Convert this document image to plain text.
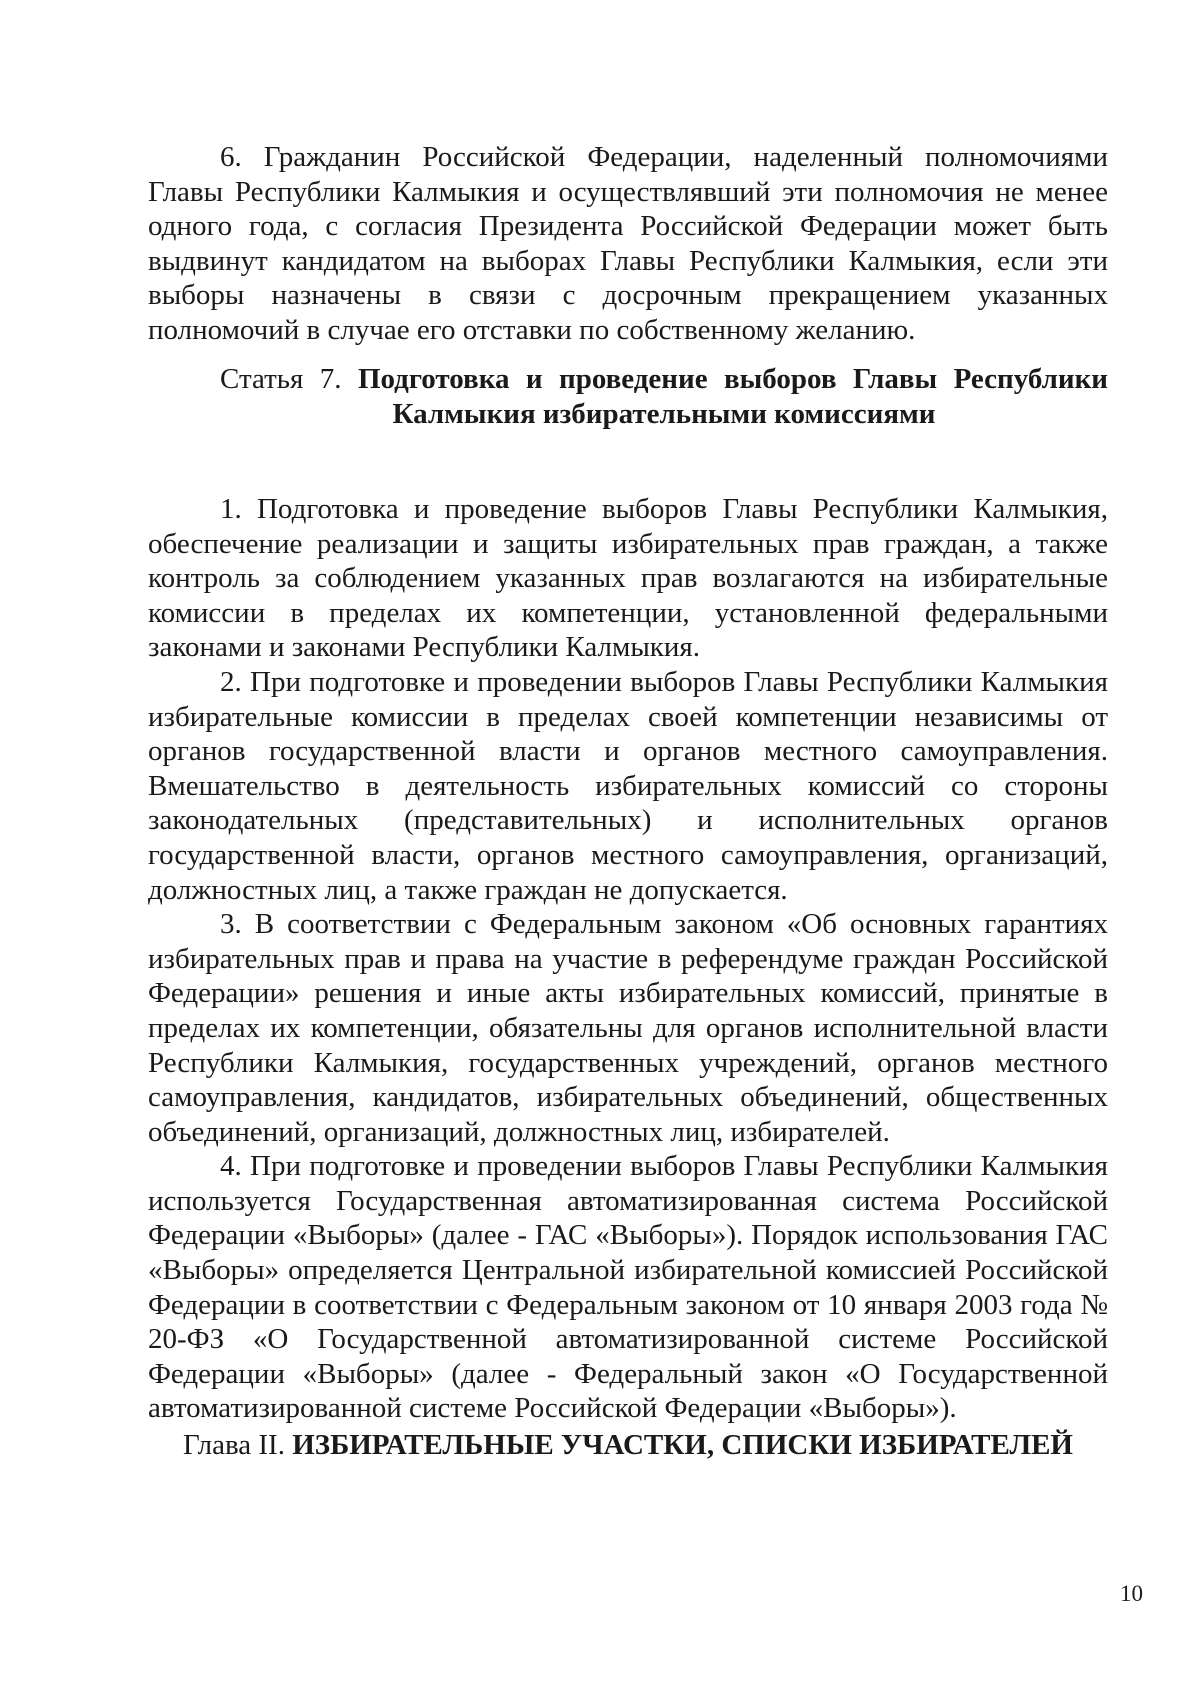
6. Гражданин Российской Федерации, наделенный полномочиями Главы Республики Калмыкия и осуществлявший эти полномочия не менее одного года, с согласия Президента Российской Федерации может быть выдвинут кандидатом на выборах Главы Республики Калмыкия, если эти выборы назначены в связи с досрочным прекращением указанных полномочий в случае его отставки по собственному желанию.

Статья 7. Подготовка и проведение выборов Главы Республики
Калмыкия избирательными комиссиями

1. Подготовка и проведение выборов Главы Республики Калмыкия, обеспечение реализации и защиты избирательных прав граждан, а также контроль за соблюдением указанных прав возлагаются на избирательные комиссии в пределах их компетенции, установленной федеральными законами и законами Республики Калмыкия.

2. При подготовке и проведении выборов Главы Республики Калмыкия избирательные комиссии в пределах своей компетенции независимы от органов государственной власти и органов местного самоуправления. Вмешательство в деятельность избирательных комиссий со стороны законодательных (представительных) и исполнительных органов государственной власти, органов местного самоуправления, организаций, должностных лиц, а также граждан не допускается.

3. В соответствии с Федеральным законом «Об основных гарантиях избирательных прав и права на участие в референдуме граждан Российской Федерации» решения и иные акты избирательных комиссий, принятые в пределах их компетенции, обязательны для органов исполнительной власти Республики Калмыкия, государственных учреждений, органов местного самоуправления, кандидатов, избирательных объединений, общественных объединений, организаций, должностных лиц, избирателей.

4. При подготовке и проведении выборов Главы Республики Калмыкия используется Государственная автоматизированная система Российской Федерации «Выборы» (далее - ГАС «Выборы»). Порядок использования ГАС «Выборы» определяется Центральной избирательной комиссией Российской Федерации в соответствии с Федеральным законом от 10 января 2003 года № 20-ФЗ «О Государственной автоматизированной системе Российской Федерации «Выборы» (далее - Федеральный закон «О Государственной автоматизированной системе Российской Федерации «Выборы»).

Глава II. ИЗБИРАТЕЛЬНЫЕ УЧАСТКИ, СПИСКИ ИЗБИРАТЕЛЕЙ
10
